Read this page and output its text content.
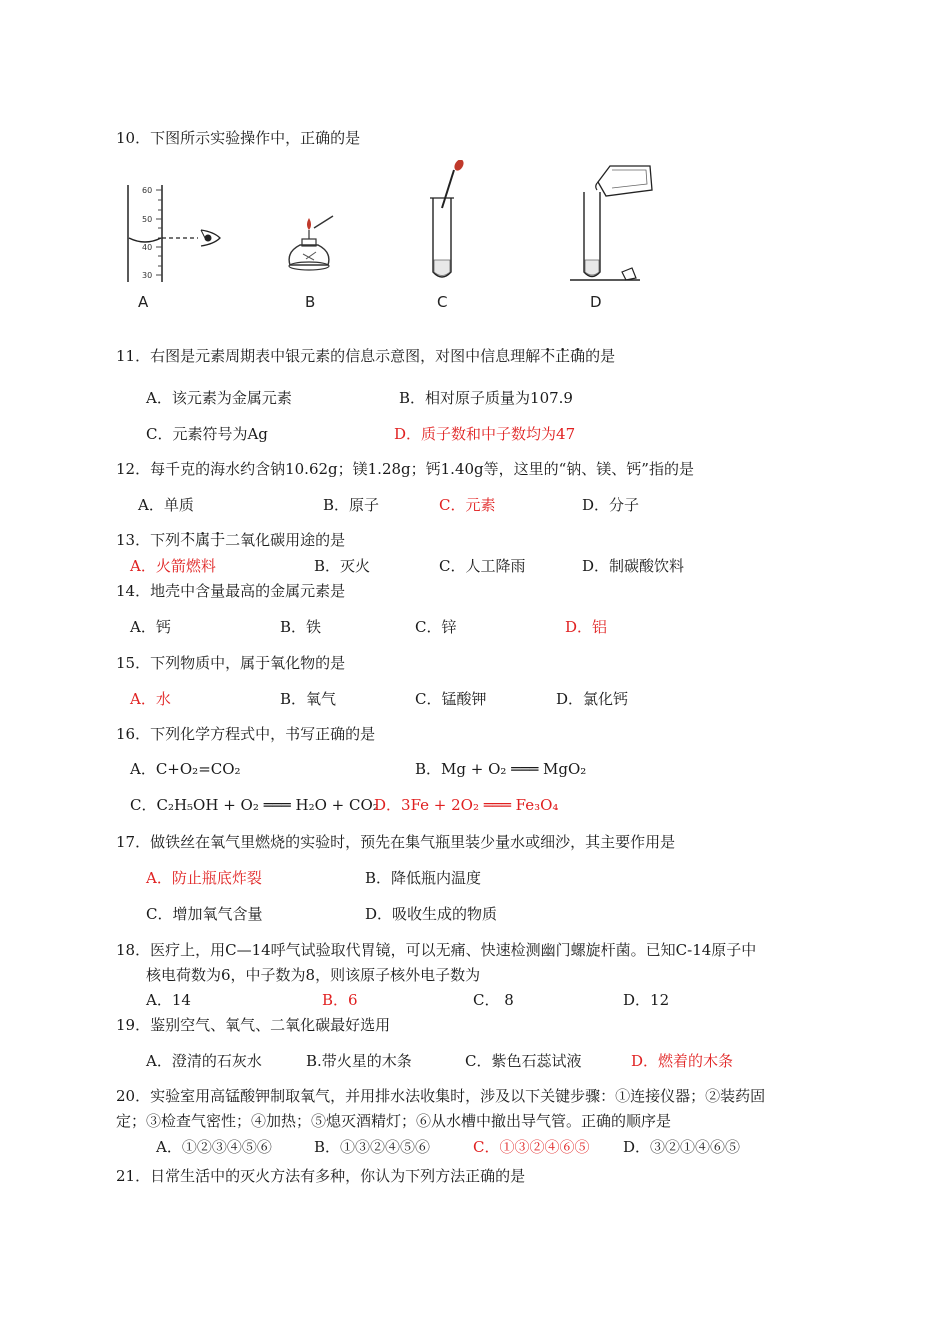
10．下图所示实验操作中，正确的是
60
50
40
30
A	B	C	D
11．右图是元素周期表中银元素的信息示意图，对图中信息理解不 •正 •确 •的是
A．该元素为金属元素	B．相对原子质量为107.9
C．元素符号为Ag	D．质子数和中子数均为47
12．每千克的海水约含钠10.62g；镁1.28g；钙1.40g等，这里的“钠、镁、钙”指的是
A．单质	B．原子	C．元素	D．分子
13．下列不 •属 •于 •二氧化碳用途的是
A．火箭燃料	B．灭火	C．人工降雨	D．制碳酸饮料
14．地壳中含量最高的金属元素是
A．钙	B．铁	C．锌	D．铝
15．下列物质中，属于氧化物的是
A．水	B．氧气	C．锰酸钾	D．氯化钙
16．下列化学方程式中，书写正确的是
A．C+O₂=CO₂	B．Mg + O₂ ═══ MgO₂
C．C₂H₅OH + O₂ ═══ H₂O + CO₂
D．3Fe + 2O₂ ═══ Fe₃O₄
17．做铁丝在氧气里燃烧的实验时，预先在集气瓶里装少量水或细沙，其主要作用是
A．防止瓶底炸裂	B．降低瓶内温度
C．增加氧气含量	D．吸收生成的物质
18．医疗上，用C—14呼气试验取代胃镜，可以无痛、快速检测幽门螺旋杆菌。已知C-14原子中
核电荷数为6，中子数为8，则该原子核外电子数为
A．14	B．6	C． 8	D．12
19．鉴别空气、氧气、二氧化碳最好选用
A．澄清的石灰水	B.带火星的木条	C．紫色石蕊试液	D．燃着的木条
20．实验室用高锰酸钾制取氧气，并用排水法收集时，涉及以下关键步骤：①连接仪器；②装药固
定；③检查气密性；④加热；⑤熄灭酒精灯；⑥从水槽中撤出导气管。正确的顺序是
A．①②③④⑤⑥	B．①③②④⑤⑥	C．①③②④⑥⑤ D．③②①④⑥⑤
21．日常生活中的灭火方法有多种，你认为下列方法正确的是
